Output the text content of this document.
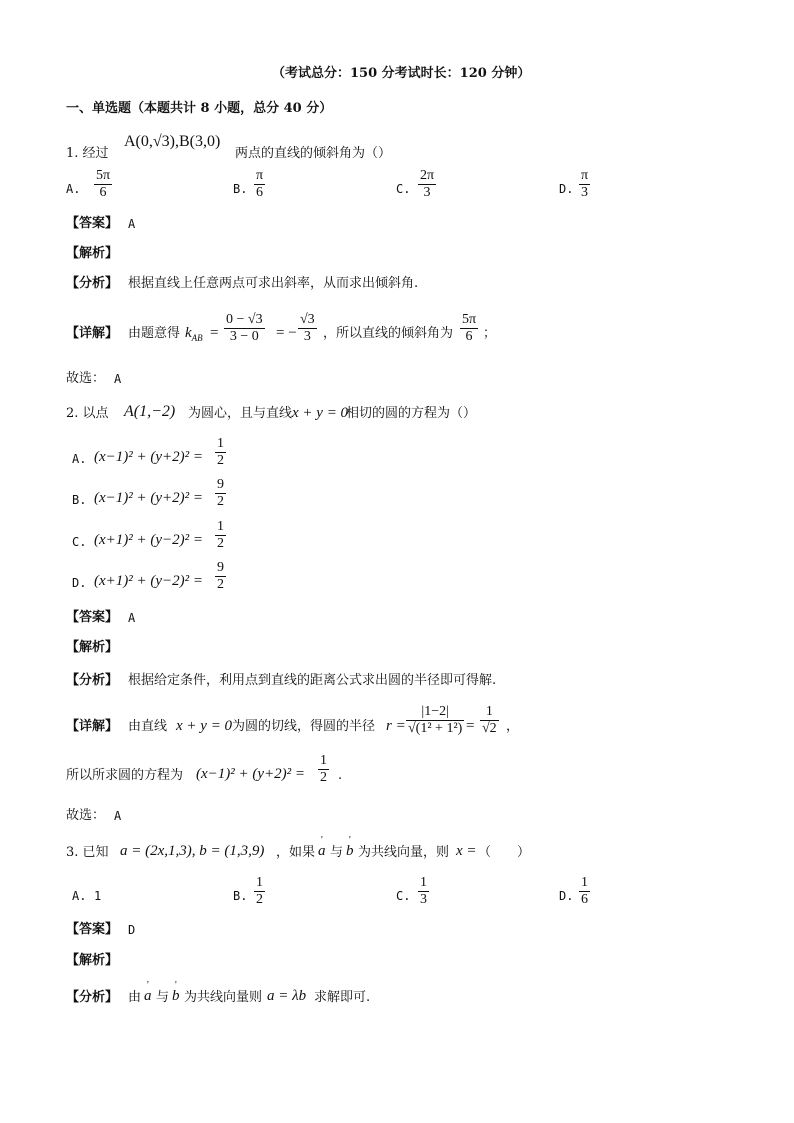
（考试总分：150 分考试时长：120 分钟）
一、单选题（本题共计 8 小题，总分 40 分）
1. 经过
A(0,√3),B(3,0)
两点的直线的倾斜角为（）
A. $\frac{5\pi}{6}$	B. $\frac{\pi}{6}$	C. $\frac{2\pi}{3}$	D. $\frac{\pi}{3}$
【答案】 A
【解析】
【分析】 根据直线上任意两点可求出斜率，从而求出倾斜角.
【详解】 由题意得 $k_{AB} = \frac{0 - √3}{3 - 0}$ = − $\frac{√3}{3}$ ，所以直线的倾斜角为 $\frac{5\pi}{6}$ ；
故选： A
2. 以点 A(1,−2) 为圆心，且与直线 x + y = 0
相切的圆的方程为（）
A. $(x-1)^2 + (y+2)^2 = \frac{1}{2}$
B. $(x-1)^2 + (y+2)^2 = \frac{9}{2}$
C. $(x+1)^2 + (y-2)^2 = \frac{1}{2}$
D. $(x+1)^2 + (y-2)^2 = \frac{9}{2}$
【答案】 A
【解析】
【分析】 根据给定条件，利用点到直线的距离公式求出圆的半径即可得解.
【详解】 由直线 x + y = 0 为圆的切线，得圆的半径 $r = \frac{|1-2|}{\text{√(1² + 1²)}} = \frac{1}{√2}$ ，
所以所求圆的方程为 $(x-1)^2 + (y+2)^2 = \frac{1}{2}$ .
故选： A
3. 已知 a = (2x,1,3), b = (1,3,9) ，如果 ' a 与 ' b 为共线向量，则 x = （　　）
A. 1	B. $\frac{1}{2}$	C. $\frac{1}{3}$	D. $\frac{1}{6}$
【答案】 D
【解析】
【分析】 由 ' a 与 ' b 为共线向量则 a = λb 求解即可.
